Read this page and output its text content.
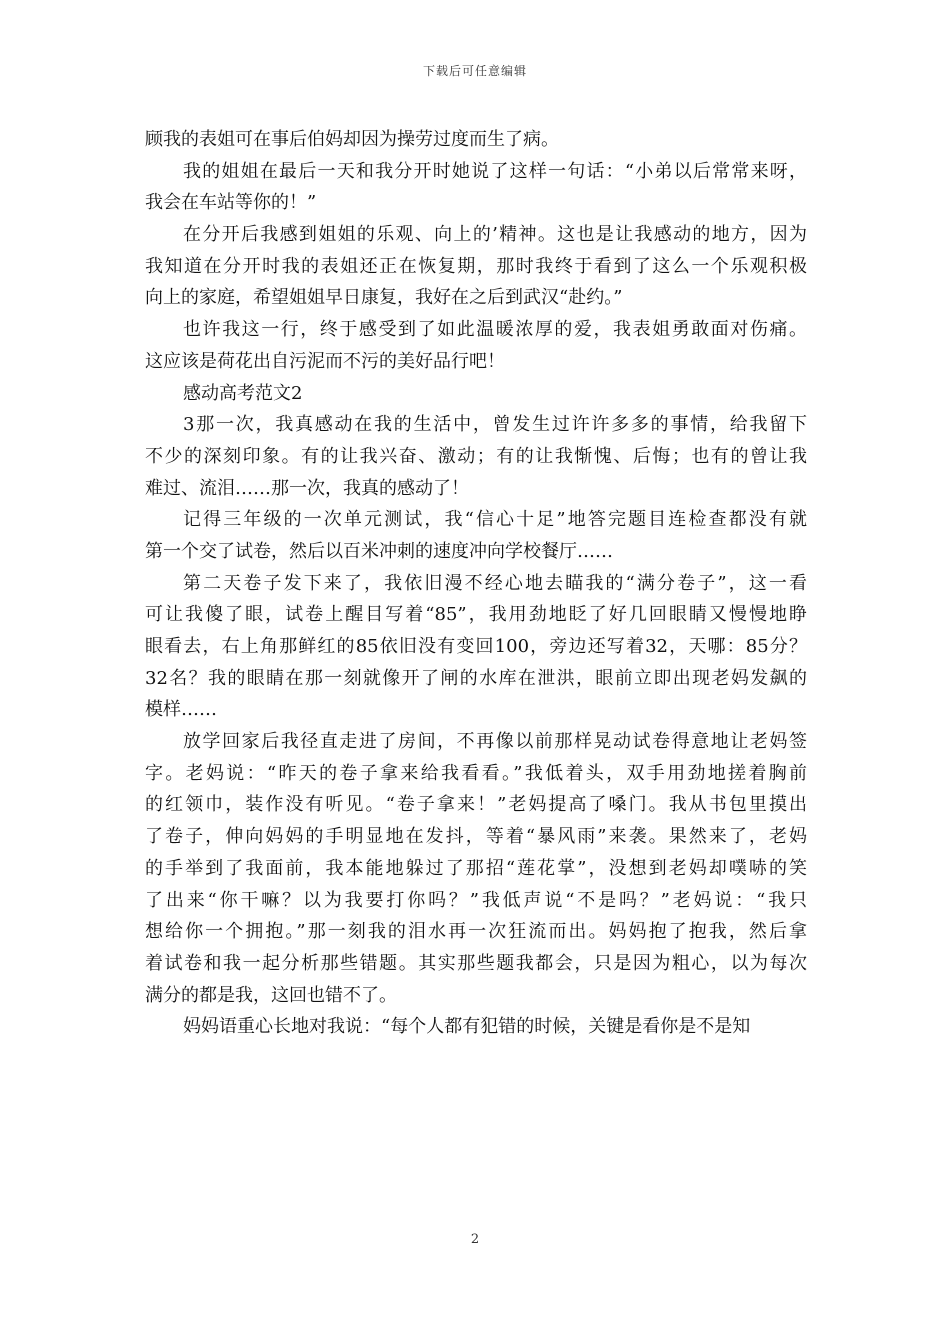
下载后可任意编辑
顾我的表姐可在事后伯妈却因为操劳过度而生了病。
我的姐姐在最后一天和我分开时她说了这样一句话：“小弟以后常常来呀，
我会在车站等你的！”
在分开后我感到姐姐的乐观、向上的’精神。这也是让我感动的地方，因为
我知道在分开时我的表姐还正在恢复期，那时我终于看到了这么一个乐观积极
向上的家庭，希望姐姐早日康复，我好在之后到武汉“赴约。”
也许我这一行，终于感受到了如此温暖浓厚的爱，我表姐勇敢面对伤痛。
这应该是荷花出自污泥而不污的美好品行吧！
感动高考范文2
3那一次，我真感动在我的生活中，曾发生过许许多多的事情，给我留下
不少的深刻印象。有的让我兴奋、激动；有的让我惭愧、后悔；也有的曾让我
难过、流泪……那一次，我真的感动了！
记得三年级的一次单元测试，我“信心十足”地答完题目连检查都没有就
第一个交了试卷，然后以百米冲刺的速度冲向学校餐厅……
第二天卷子发下来了，我依旧漫不经心地去瞄我的“满分卷子”，这一看
可让我傻了眼，试卷上醒目写着“85”，我用劲地眨了好几回眼睛又慢慢地睁
眼看去，右上角那鲜红的85依旧没有变回100，旁边还写着32，天哪：85分？
32名？我的眼睛在那一刻就像开了闸的水库在泄洪，眼前立即出现老妈发飙的
模样……
放学回家后我径直走进了房间，不再像以前那样晃动试卷得意地让老妈签
字。老妈说：“昨天的卷子拿来给我看看。”我低着头，双手用劲地搓着胸前
的红领巾，装作没有听见。“卷子拿来！”老妈提高了嗓门。我从书包里摸出
了卷子，伸向妈妈的手明显地在发抖，等着“暴风雨”来袭。果然来了，老妈
的手举到了我面前，我本能地躲过了那招“莲花掌”，没想到老妈却噗哧的笑
了出来“你干嘛？以为我要打你吗？”我低声说“不是吗？”老妈说：“我只
想给你一个拥抱。”那一刻我的泪水再一次狂流而出。妈妈抱了抱我，然后拿
着试卷和我一起分析那些错题。其实那些题我都会，只是因为粗心，以为每次
满分的都是我，这回也错不了。
妈妈语重心长地对我说：“每个人都有犯错的时候，关键是看你是不是知
2
